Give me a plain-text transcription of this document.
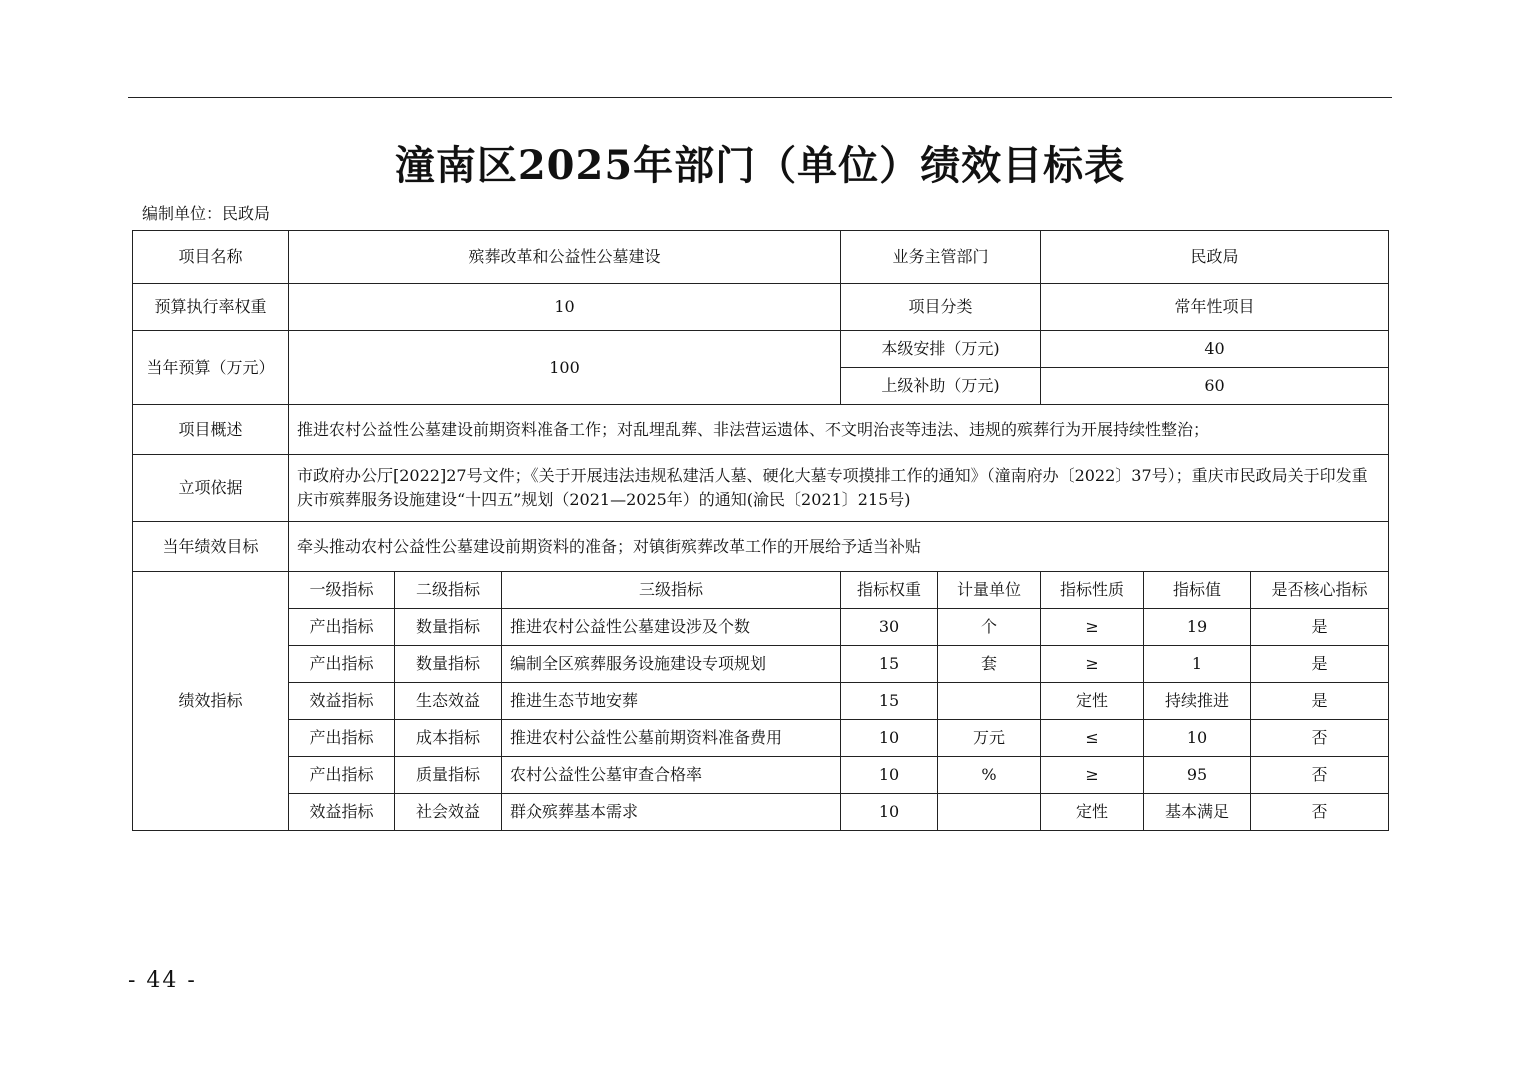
潼南区2025年部门（单位）绩效目标表
编制单位：民政局
项目名称	殡葬改革和公益性公墓建设			业务主管部门		民政局		
预算执行率权重	10			项目分类		常年性项目		
当年预算（万元）	100			本级安排（万元)		40		
				上级补助（万元)		60		
项目概述	推进农村公益性公墓建设前期资料准备工作；对乱埋乱葬、非法营运遗体、不文明治丧等违法、违规的殡葬行为开展持续性整治；							
立项依据	市政府办公厅[2022]27号文件；《关于开展违法违规私建活人墓、硬化大墓专项摸排工作的通知》（潼南府办〔2022〕37号）；重庆市民政局关于印发重庆市殡葬服务设施建设“十四五”规划（2021—2025年）的通知(渝民〔2021〕215号)							
当年绩效目标	牵头推动农村公益性公墓建设前期资料的准备；对镇街殡葬改革工作的开展给予适当补贴							
绩效指标	一级指标	二级指标	三级指标	指标权重	计量单位	指标性质	指标值	是否核心指标
	产出指标	数量指标	推进农村公益性公墓建设涉及个数	30	个	≥	19	是
	产出指标	数量指标	编制全区殡葬服务设施建设专项规划	15	套	≥	1	是
	效益指标	生态效益	推进生态节地安葬	15		定性	持续推进	是
	产出指标	成本指标	推进农村公益性公墓前期资料准备费用	10	万元	≤	10	否
	产出指标	质量指标	农村公益性公墓审查合格率	10	%	≥	95	否
	效益指标	社会效益	群众殡葬基本需求	10		定性	基本满足	否
- 44 -
